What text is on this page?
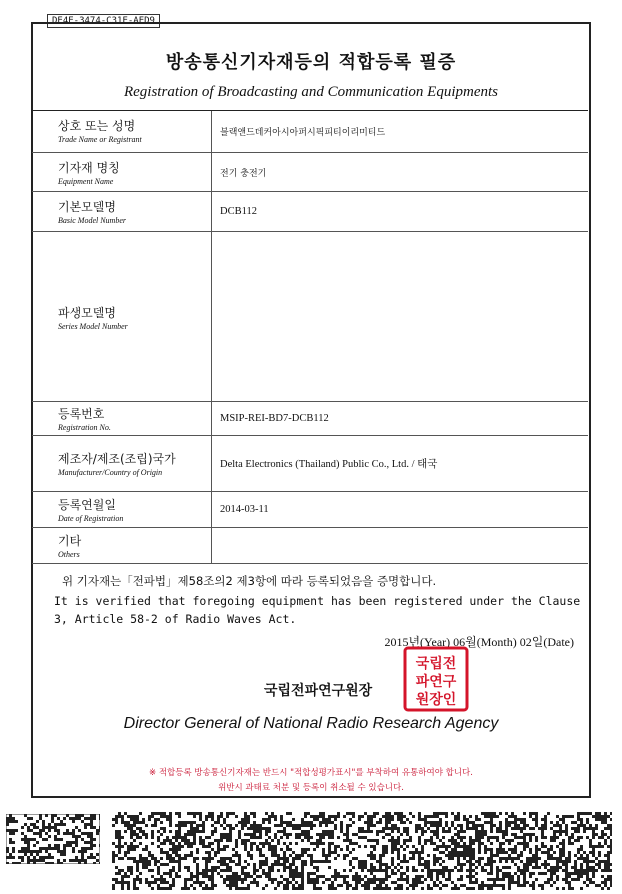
DE4E-3474-C31E-AED9
방송통신기자재등의 적합등록 필증
Registration of Broadcasting and Communication Equipments
상호 또는 성명
Trade Name or Registrant
블랙앤드데커아시아퍼시픽피티이리미티드
기자재 명칭
Equipment Name
전기 충전기
기본모델명
Basic Model Number
DCB112
파생모델명
Series Model Number
등록번호
Registration No.
MSIP-REI-BD7-DCB112
제조자/제조(조립)국가
Manufacturer/Country of Origin
Delta Electronics (Thailand) Public Co., Ltd. / 태국
등록연월일
Date of Registration
2014-03-11
기타
Others
위 기자재는「전파법」제58조의2 제3항에 따라 등록되었음을 증명합니다.
It is verified that foregoing equipment has been registered under the Clause 3, Article 58-2 of Radio Waves Act.
2015년(Year) 06월(Month) 02일(Date)
국립전파연구원장
국립전
파연구
원장인
Director General of National Radio Research Agency
※ 적합등록 방송통신기자재는 반드시 "적합성평가표시"를 부착하여 유통하여야 합니다.
위반시 과태료 처분 및 등록이 취소될 수 있습니다.
